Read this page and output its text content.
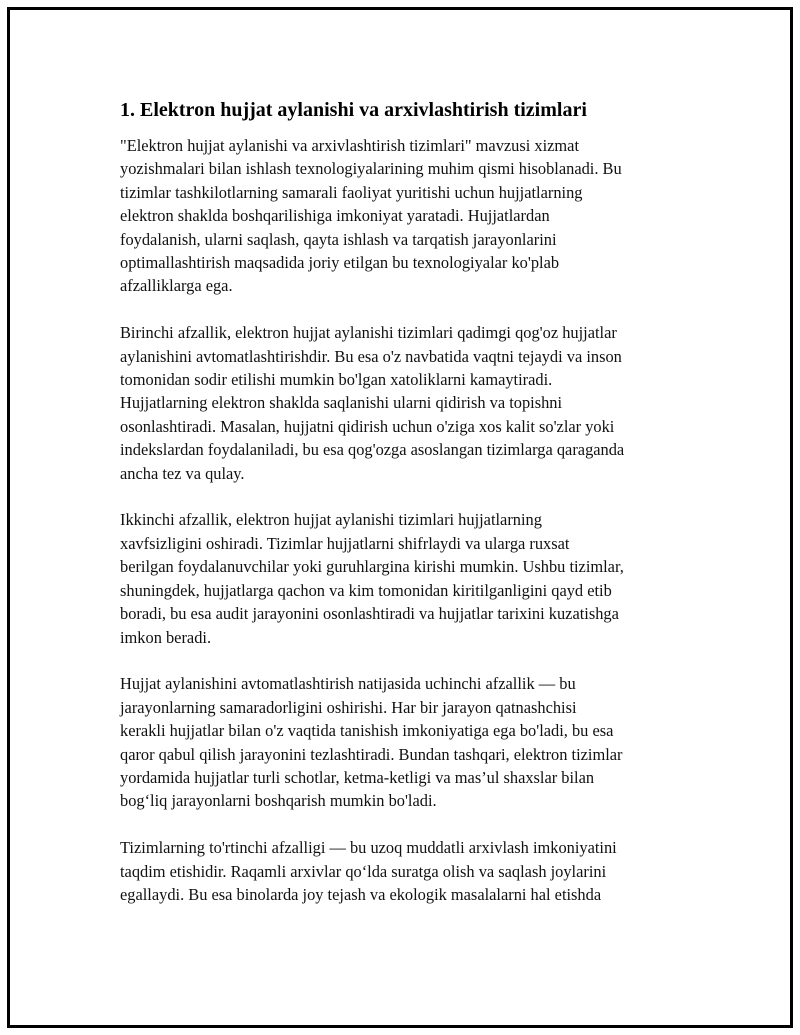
1. Elektron hujjat aylanishi va arxivlashtirish tizimlari

"Elektron hujjat aylanishi va arxivlashtirish tizimlari" mavzusi xizmat
yozishmalari bilan ishlash texnologiyalarining muhim qismi hisoblanadi. Bu
tizimlar tashkilotlarning samarali faoliyat yuritishi uchun hujjatlarning
elektron shaklda boshqarilishiga imkoniyat yaratadi. Hujjatlardan
foydalanish, ularni saqlash, qayta ishlash va tarqatish jarayonlarini
optimallashtirish maqsadida joriy etilgan bu texnologiyalar ko'plab
afzalliklarga ega.

Birinchi afzallik, elektron hujjat aylanishi tizimlari qadimgi qog'oz hujjatlar
aylanishini avtomatlashtirishdir. Bu esa o'z navbatida vaqtni tejaydi va inson
tomonidan sodir etilishi mumkin bo'lgan xatoliklarni kamaytiradi.
Hujjatlarning elektron shaklda saqlanishi ularni qidirish va topishni
osonlashtiradi. Masalan, hujjatni qidirish uchun o'ziga xos kalit so'zlar yoki
indekslardan foydalaniladi, bu esa qog'ozga asoslangan tizimlarga qaraganda
ancha tez va qulay.

Ikkinchi afzallik, elektron hujjat aylanishi tizimlari hujjatlarning
xavfsizligini oshiradi. Tizimlar hujjatlarni shifrlaydi va ularga ruxsat
berilgan foydalanuvchilar yoki guruhlargina kirishi mumkin. Ushbu tizimlar,
shuningdek, hujjatlarga qachon va kim tomonidan kiritilganligini qayd etib
boradi, bu esa audit jarayonini osonlashtiradi va hujjatlar tarixini kuzatishga
imkon beradi.

Hujjat aylanishini avtomatlashtirish natijasida uchinchi afzallik — bu
jarayonlarning samaradorligini oshirishi. Har bir jarayon qatnashchisi
kerakli hujjatlar bilan o'z vaqtida tanishish imkoniyatiga ega bo'ladi, bu esa
qaror qabul qilish jarayonini tezlashtiradi. Bundan tashqari, elektron tizimlar
yordamida hujjatlar turli schotlar, ketma-ketligi va mas’ul shaxslar bilan
bog‘liq jarayonlarni boshqarish mumkin bo'ladi.

Tizimlarning to'rtinchi afzalligi — bu uzoq muddatli arxivlash imkoniyatini
taqdim etishidir. Raqamli arxivlar qo‘lda suratga olish va saqlash joylarini
egallaydi. Bu esa binolarda joy tejash va ekologik masalalarni hal etishda
